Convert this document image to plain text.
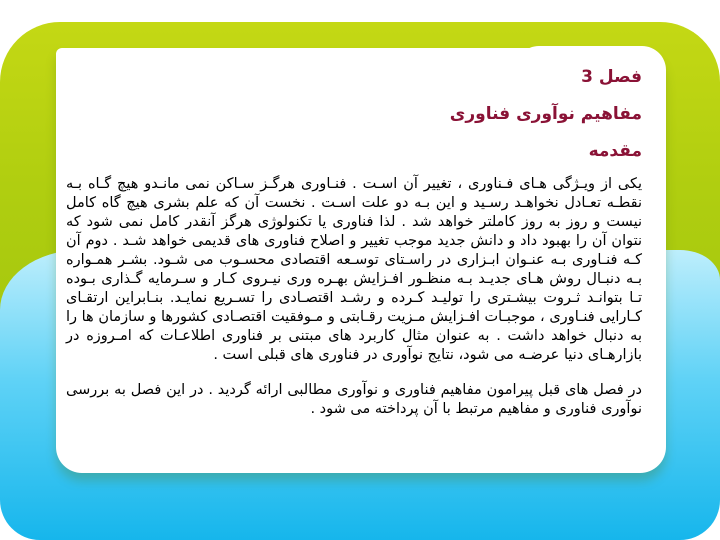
فصل 3
مفاهیم نوآوری فناوری
مقدمه

یکی از ویـژگی هـای فـناوری ، تغییر آن اسـت . فنـاوری هرگـز سـاکن نمی مانـدو هیچ گـاه بـه نقطـه تعـادل نخواهـد رسـید و این بـه دو علت اسـت . نخست آن که علم بشری هیچ گاه کامل نیست و روز به روز کاملتر خواهد شد . لذا فناوری یا تکنولوژی هرگز آنقدر کامل نمی شود که نتوان آن را بهبود داد و دانش جدید موجب تغییر و اصلاح فناوری های قدیمی خواهد شـد . دوم آن کـه فنـاوری بـه عنـوان ابـزاری در راسـتای توسـعه اقتصادی محسـوب می شـود. بشـر همـواره بـه دنبـال روش هـای جدیـد بـه منظـور افـزایش بهـره وری نیـروی کـار و سـرمایه گـذاری بـوده تـا بتوانـد ثـروت بیشـتری را تولیـد کـرده و رشـد اقتصـادی را تسـریع نمایـد. بنـابراین ارتقـای کـارایی فنـاوری ، موجبـات افـزایش مـزیت رقـابتی و مـوفقیت اقتصـادی کشورها و سازمان ها را به دنبال خواهد داشت . به عنوان مثال کاربرد های مبتنی بر فناوری اطلاعـات که امـروزه در بازارهـای دنیا عرضـه می شود، نتایج نوآوری در فناوری های قبلی است .

در فصل های قبل پیرامون مفاهیم فناوری و نوآوری مطالبی ارائه گردید . در این فصل به بررسی نوآوری فناوری و مفاهیم مرتبط با آن پرداخته می شود .
